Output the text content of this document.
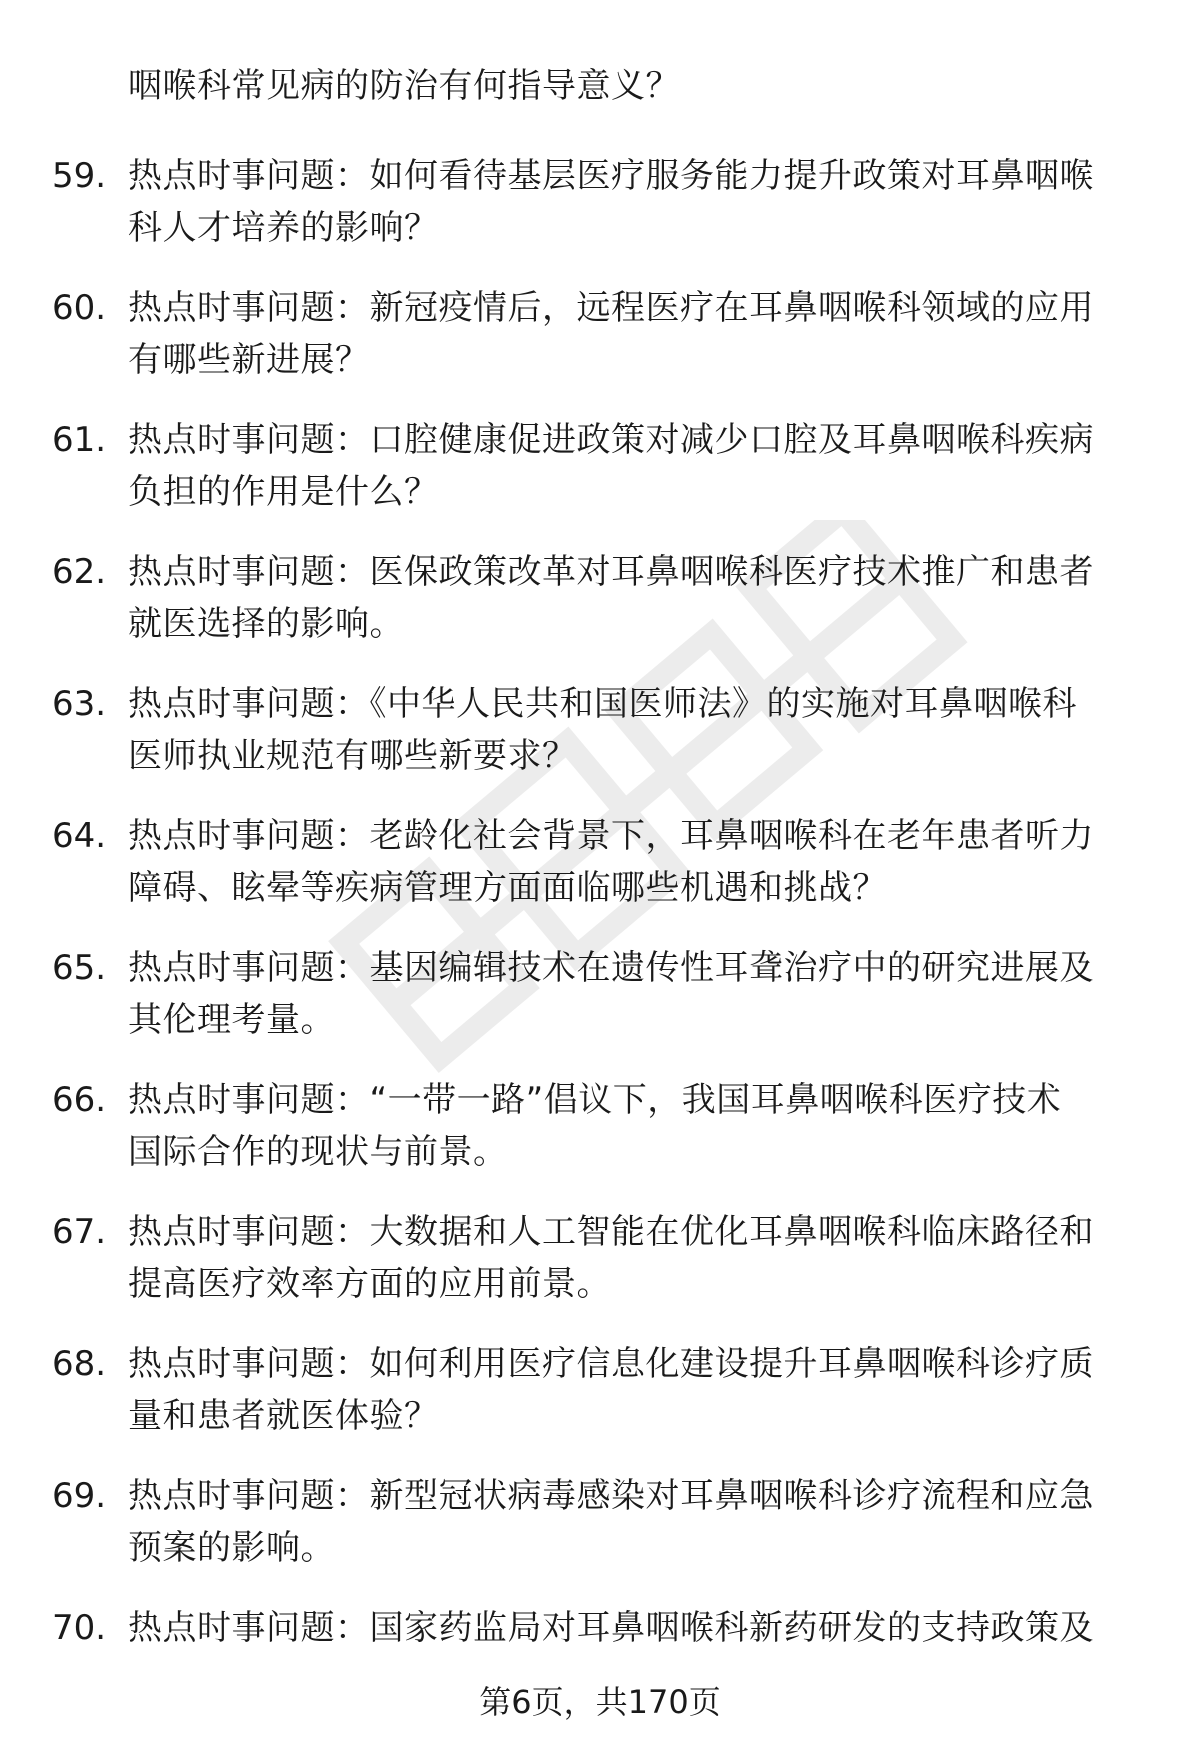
咽喉科常见病的防治有何指导意义？
59. 热点时事问题：如何看待基层医疗服务能力提升政策对耳鼻咽喉
科人才培养的影响？
60. 热点时事问题：新冠疫情后，远程医疗在耳鼻咽喉科领域的应用
有哪些新进展？
61. 热点时事问题：口腔健康促进政策对减少口腔及耳鼻咽喉科疾病
负担的作用是什么？
62. 热点时事问题：医保政策改革对耳鼻咽喉科医疗技术推广和患者
就医选择的影响。
63. 热点时事问题：《中华人民共和国医师法》的实施对耳鼻咽喉科
医师执业规范有哪些新要求？
64. 热点时事问题：老龄化社会背景下，耳鼻咽喉科在老年患者听力
障碍、眩晕等疾病管理方面面临哪些机遇和挑战？
65. 热点时事问题：基因编辑技术在遗传性耳聋治疗中的研究进展及
其伦理考量。
66. 热点时事问题：“一带一路”倡议下，我国耳鼻咽喉科医疗技术
国际合作的现状与前景。
67. 热点时事问题：大数据和人工智能在优化耳鼻咽喉科临床路径和
提高医疗效率方面的应用前景。
68. 热点时事问题：如何利用医疗信息化建设提升耳鼻咽喉科诊疗质
量和患者就医体验？
69. 热点时事问题：新型冠状病毒感染对耳鼻咽喉科诊疗流程和应急
预案的影响。
70. 热点时事问题：国家药监局对耳鼻咽喉科新药研发的支持政策及
第6页，共170页
